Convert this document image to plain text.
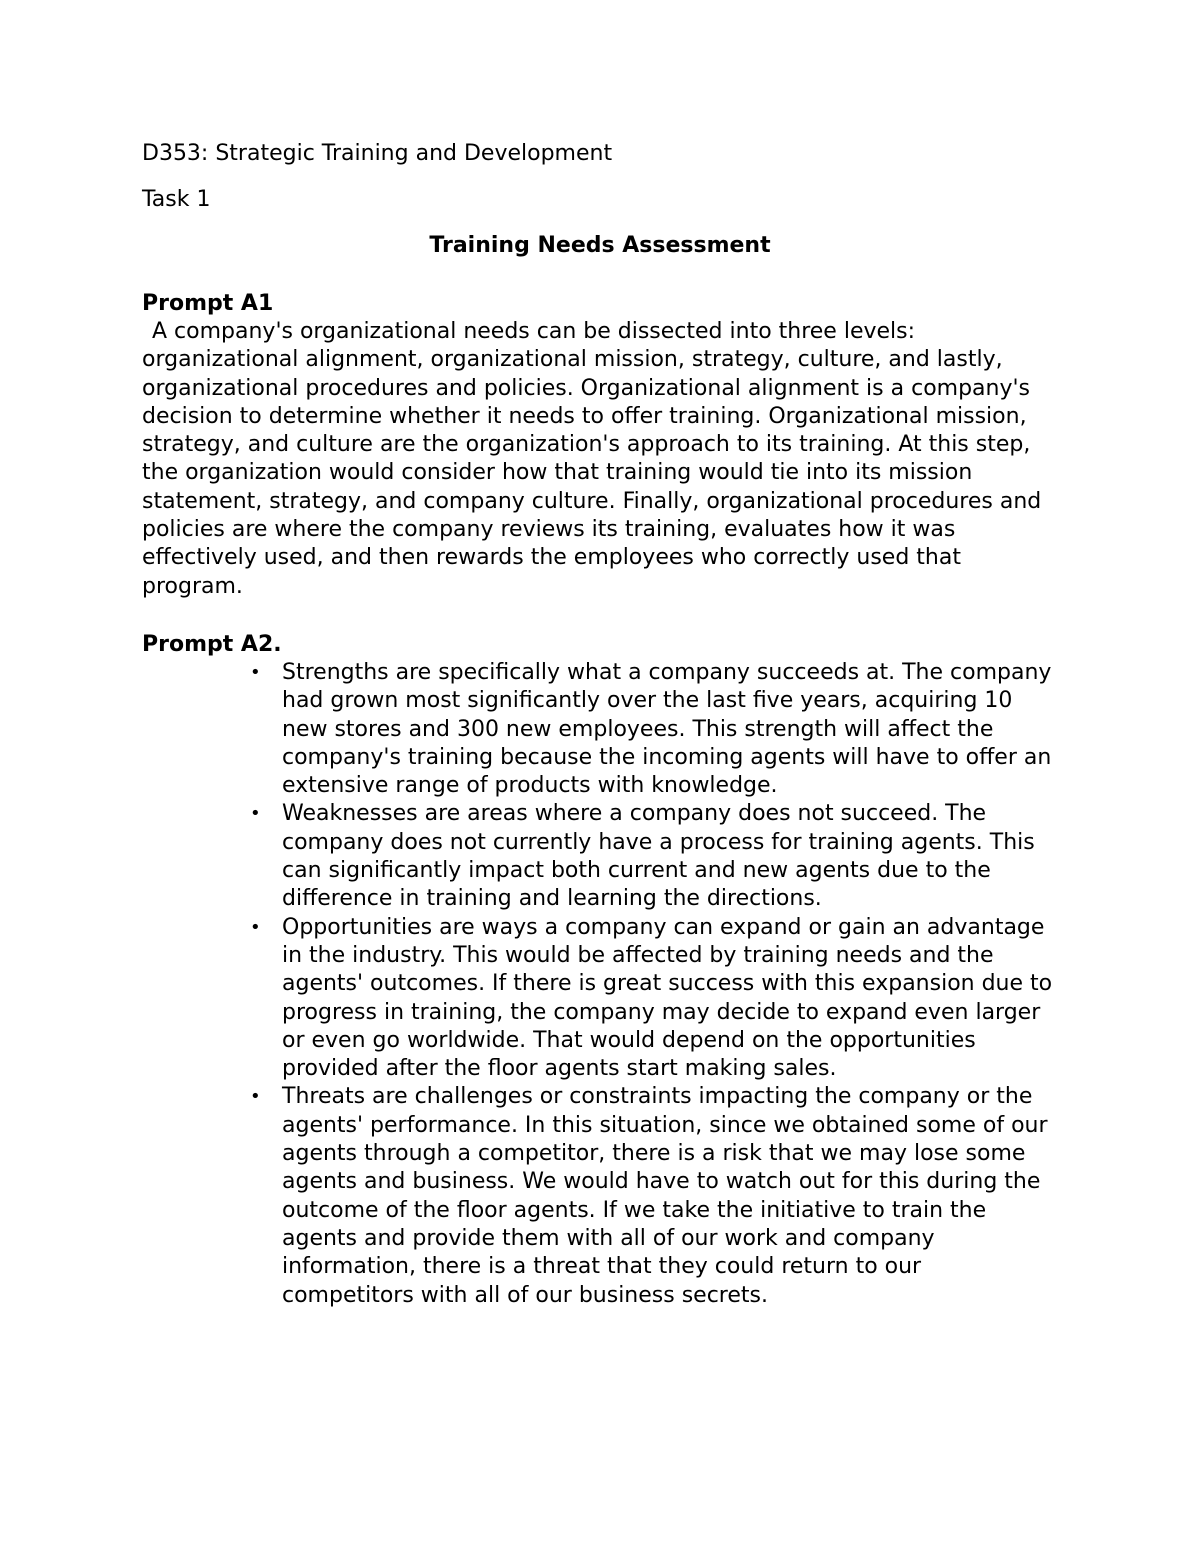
D353: Strategic Training and Development

Task 1

Training Needs Assessment

Prompt A1

A company's organizational needs can be dissected into three levels: organizational alignment, organizational mission, strategy, culture, and lastly, organizational procedures and policies. Organizational alignment is a company's decision to determine whether it needs to offer training. Organizational mission, strategy, and culture are the organization's approach to its training. At this step, the organization would consider how that training would tie into its mission statement, strategy, and company culture. Finally, organizational procedures and policies are where the company reviews its training, evaluates how it was effectively used, and then rewards the employees who correctly used that program.

Prompt A2.

• Strengths are specifically what a company succeeds at. The company had grown most significantly over the last five years, acquiring 10 new stores and 300 new employees. This strength will affect the company's training because the incoming agents will have to offer an extensive range of products with knowledge.
• Weaknesses are areas where a company does not succeed. The company does not currently have a process for training agents. This can significantly impact both current and new agents due to the difference in training and learning the directions.
• Opportunities are ways a company can expand or gain an advantage in the industry. This would be affected by training needs and the agents' outcomes. If there is great success with this expansion due to progress in training, the company may decide to expand even larger or even go worldwide. That would depend on the opportunities provided after the floor agents start making sales.
• Threats are challenges or constraints impacting the company or the agents' performance. In this situation, since we obtained some of our agents through a competitor, there is a risk that we may lose some agents and business. We would have to watch out for this during the outcome of the floor agents. If we take the initiative to train the agents and provide them with all of our work and company information, there is a threat that they could return to our competitors with all of our business secrets.
